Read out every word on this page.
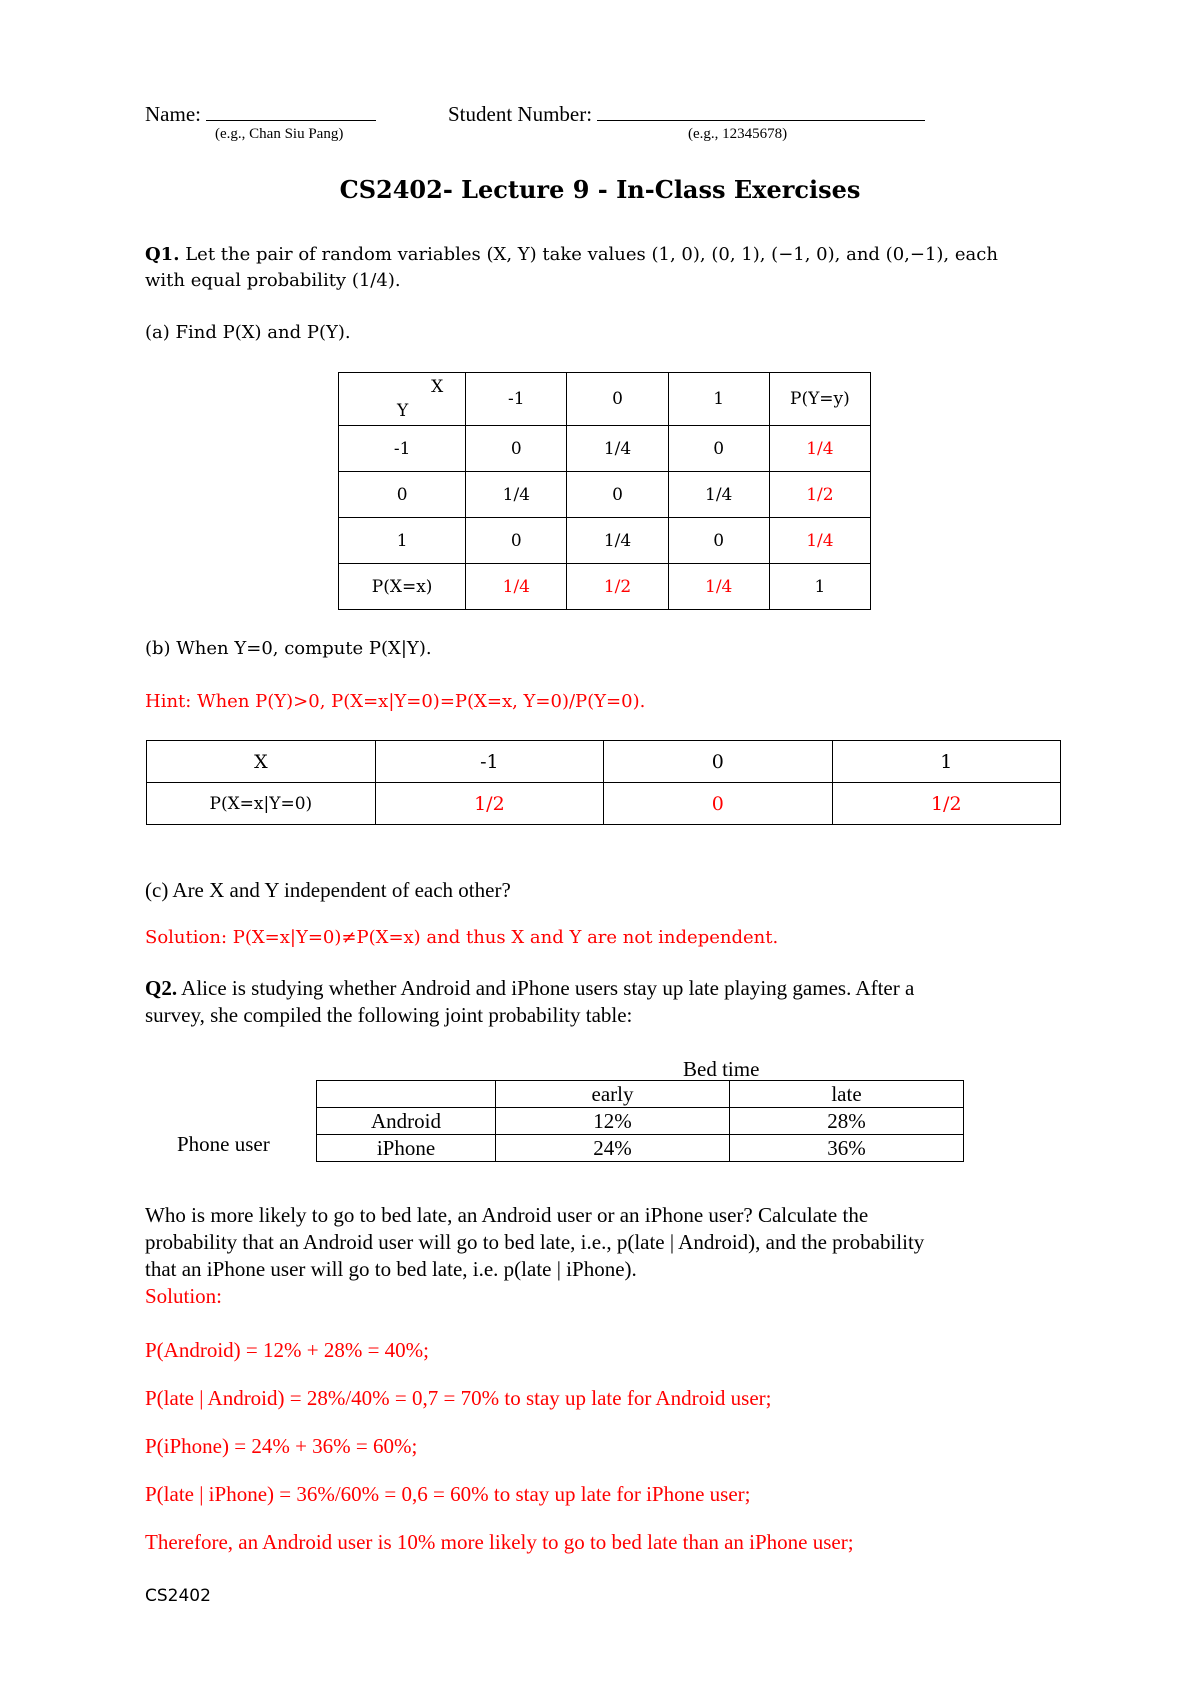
Name:
(e.g., Chan Siu Pang)
Student Number:
(e.g., 12345678)
CS2402- Lecture 9 - In-Class Exercises
Q1. Let the pair of random variables (X, Y) take values (1, 0), (0, 1), (−1, 0), and (0,−1), each
with equal probability (1/4).
(a) Find P(X) and P(Y).
X
Y	-1	0	1	P(Y=y)
-1	0	1/4	0	1/4
0	1/4	0	1/4	1/2
1	0	1/4	0	1/4
P(X=x)	1/4	1/2	1/4	1
(b) When Y=0, compute P(X|Y).
Hint: When P(Y)>0, P(X=x|Y=0)=P(X=x, Y=0)/P(Y=0).
X	-1	0	1
P(X=x|Y=0)	1/2	0	1/2
(c) Are X and Y independent of each other?
Solution: P(X=x|Y=0)≠P(X=x) and thus X and Y are not independent.
Q2. Alice is studying whether Android and iPhone users stay up late playing games. After a
survey, she compiled the following joint probability table:
Bed time
Phone user
	early	late
Android	12%	28%
iPhone	24%	36%
Who is more likely to go to bed late, an Android user or an iPhone user? Calculate the
probability that an Android user will go to bed late, i.e., p(late | Android), and the probability
that an iPhone user will go to bed late, i.e. p(late | iPhone).
Solution:
P(Android) = 12% + 28% = 40%;
P(late | Android) = 28%/40% = 0,7 = 70% to stay up late for Android user;
P(iPhone) = 24% + 36% = 60%;
P(late | iPhone) = 36%/60% = 0,6 = 60% to stay up late for iPhone user;
Therefore, an Android user is 10% more likely to go to bed late than an iPhone user;
CS2402
